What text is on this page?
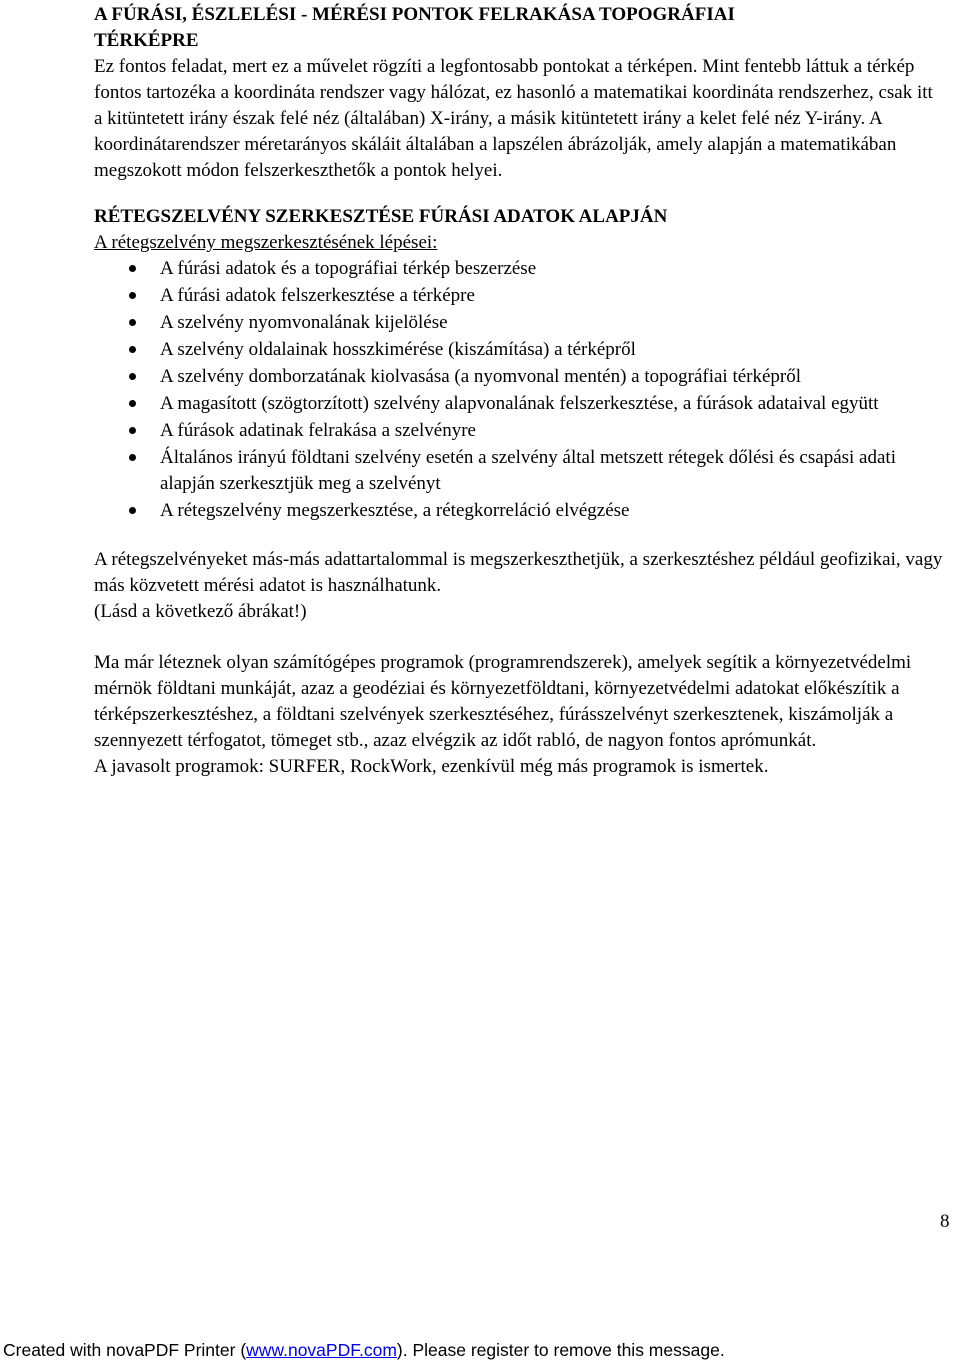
A FÚRÁSI, ÉSZLELÉSI - MÉRÉSI PONTOK FELRAKÁSA TOPOGRÁFIAI

TÉRKÉPRE

Ez fontos feladat, mert ez a művelet rögzíti a legfontosabb pontokat a térképen. Mint fentebb láttuk a térkép fontos tartozéka a koordináta rendszer vagy hálózat, ez hasonló a matematikai koordináta rendszerhez, csak itt a kitüntetett irány észak felé néz (általában) X-irány, a másik kitüntetett irány a kelet felé néz Y-irány. A koordinátarendszer méretarányos skáláit általában a lapszélen ábrázolják, amely alapján a matematikában megszokott módon felszerkeszthetők a pontok helyei.

RÉTEGSZELVÉNY SZERKESZTÉSE FÚRÁSI ADATOK ALAPJÁN

A rétegszelvény megszerkesztésének lépései:

A fúrási adatok és a topográfiai térkép beszerzése
A fúrási adatok felszerkesztése a térképre
A szelvény nyomvonalának kijelölése
A szelvény oldalainak hosszkimérése (kiszámítása) a térképről
A szelvény domborzatának kiolvasása (a nyomvonal mentén) a topográfiai térképről
A magasított (szögtorzított) szelvény alapvonalának felszerkesztése, a fúrások adataival együtt
A fúrások adatinak felrakása a szelvényre
Általános irányú földtani szelvény esetén a szelvény által metszett rétegek dőlési és csapási adati alapján szerkesztjük meg a szelvényt
A rétegszelvény megszerkesztése, a rétegkorreláció elvégzése

A rétegszelvényeket más-más adattartalommal is megszerkeszthetjük, a szerkesztéshez például geofizikai, vagy más közvetett mérési adatot is használhatunk.

(Lásd a következő ábrákat!)

Ma már léteznek olyan számítógépes programok (programrendszerek), amelyek segítik a környezetvédelmi mérnök földtani munkáját, azaz a geodéziai és környezetföldtani, környezetvédelmi adatokat előkészítik a térképszerkesztéshez, a földtani szelvények szerkesztéséhez, fúrásszelvényt szerkesztenek, kiszámolják a szennyezett térfogatot, tömeget stb., azaz elvégzik az időt rabló, de nagyon fontos aprómunkát.

A javasolt programok: SURFER, RockWork, ezenkívül még más programok is ismertek.

8
Created with novaPDF Printer (www.novaPDF.com). Please register to remove this message.
